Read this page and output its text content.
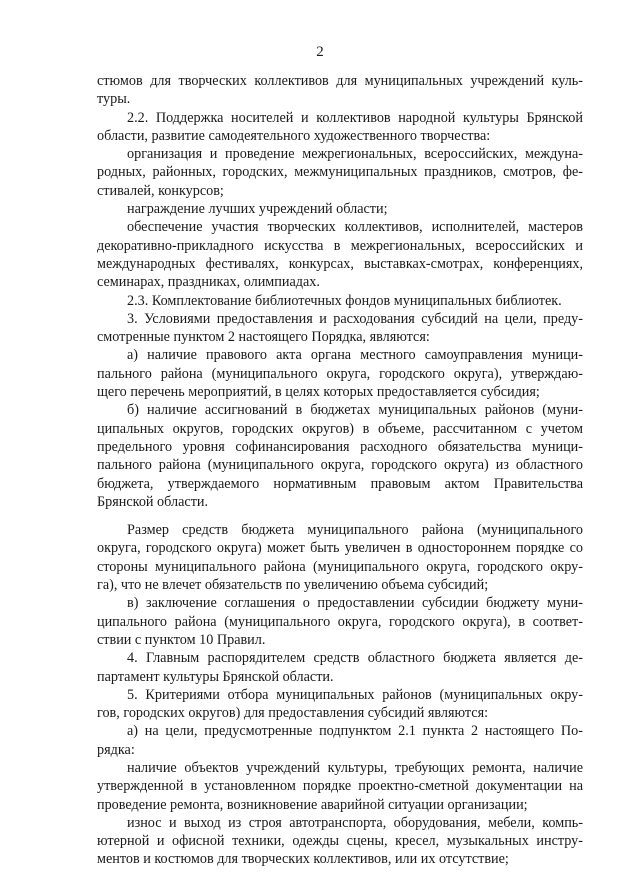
2
стюмов для творческих коллективов для муниципальных учреждений куль-
туры.
2.2. Поддержка носителей и коллективов народной культуры Брянской
области, развитие самодеятельного художественного творчества:
организация и проведение межрегиональных, всероссийских, междуна-
родных, районных, городских, межмуниципальных праздников, смотров, фе-
стивалей, конкурсов;
награждение лучших учреждений области;
обеспечение участия творческих коллективов, исполнителей, мастеров
декоративно-прикладного искусства в межрегиональных, всероссийских и
международных фестивалях, конкурсах, выставках-смотрах, конференциях,
семинарах, праздниках, олимпиадах.
2.3. Комплектование библиотечных фондов муниципальных библиотек.
3. Условиями предоставления и расходования субсидий на цели, преду-
смотренные пунктом 2 настоящего Порядка, являются:
а) наличие правового акта органа местного самоуправления муници-
пального района (муниципального округа, городского округа), утверждаю-
щего перечень мероприятий, в целях которых предоставляется субсидия;
б) наличие ассигнований в бюджетах муниципальных районов (муни-
ципальных округов, городских округов) в объеме, рассчитанном с учетом
предельного уровня софинансирования расходного обязательства муници-
пального района (муниципального округа, городского округа) из областного
бюджета, утверждаемого нормативным правовым актом Правительства
Брянской области.
Размер средств бюджета муниципального района (муниципального
округа, городского округа) может быть увеличен в одностороннем порядке со
стороны муниципального района (муниципального округа, городского окру-
га), что не влечет обязательств по увеличению объема субсидий;
в) заключение соглашения о предоставлении субсидии бюджету муни-
ципального района (муниципального округа, городского округа), в соответ-
ствии с пунктом 10 Правил.
4. Главным распорядителем средств областного бюджета является де-
партамент культуры Брянской области.
5. Критериями отбора муниципальных районов (муниципальных окру-
гов, городских округов) для предоставления субсидий являются:
а) на цели, предусмотренные подпунктом 2.1 пункта 2 настоящего По-
рядка:
наличие объектов учреждений культуры, требующих ремонта, наличие
утвержденной в установленном порядке проектно-сметной документации на
проведение ремонта, возникновение аварийной ситуации организации;
износ и выход из строя автотранспорта, оборудования, мебели, компь-
ютерной и офисной техники, одежды сцены, кресел, музыкальных инстру-
ментов и костюмов для творческих коллективов, или их отсутствие;
